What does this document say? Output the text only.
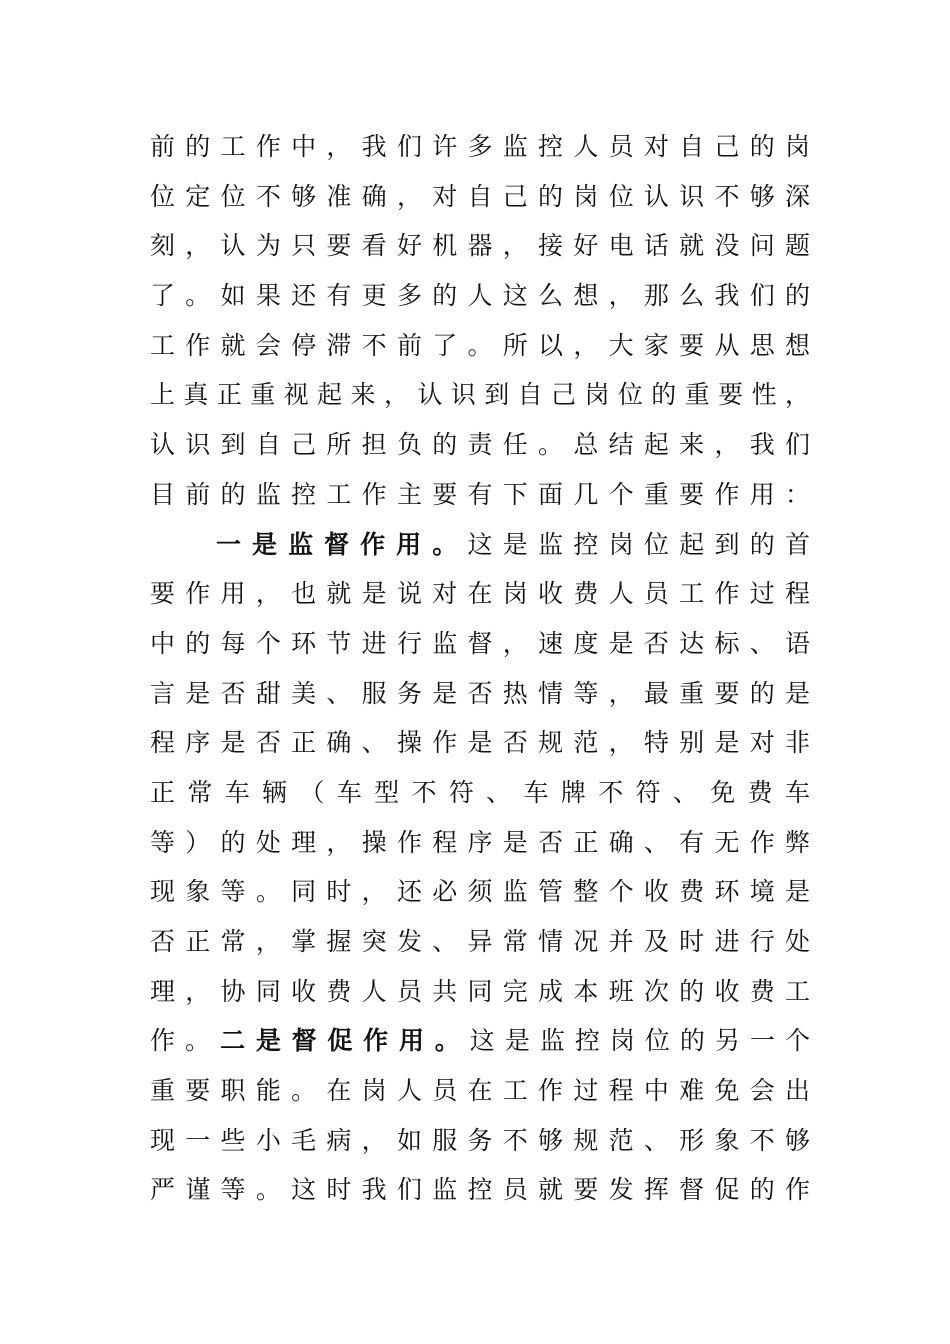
前 的 工 作 中 ， 我 们 许 多 监 控 人 员 对 自 己 的 岗
位 定 位 不 够 准 确 ， 对 自 己 的 岗 位 认 识 不 够 深
刻 ， 认 为 只 要 看 好 机 器 ， 接 好 电 话 就 没 问 题
了 。 如 果 还 有 更 多 的 人 这 么 想 ， 那 么 我 们 的
工 作 就 会 停 滞 不 前 了 。 所 以 ， 大 家 要 从 思 想
上 真 正 重 视 起 来 ， 认 识 到 自 己 岗 位 的 重 要 性 ，
认 识 到 自 己 所 担 负 的 责 任 。 总 结 起 来 ， 我 们
目 前 的 监 控 工 作 主 要 有 下 面 几 个 重 要 作 用 ：
一 是 监 督 作 用 。 这 是 监 控 岗 位 起 到 的 首
要 作 用 ， 也 就 是 说 对 在 岗 收 费 人 员 工 作 过 程
中 的 每 个 环 节 进 行 监 督 ， 速 度 是 否 达 标 、 语
言 是 否 甜 美 、 服 务 是 否 热 情 等 ， 最 重 要 的 是
程 序 是 否 正 确 、 操 作 是 否 规 范 ， 特 别 是 对 非
正 常 车 辆 （ 车 型 不 符 、 车 牌 不 符 、 免 费 车
等 ） 的 处 理 ， 操 作 程 序 是 否 正 确 、 有 无 作 弊
现 象 等 。 同 时 ， 还 必 须 监 管 整 个 收 费 环 境 是
否 正 常 ， 掌 握 突 发 、 异 常 情 况 并 及 时 进 行 处
理 ， 协 同 收 费 人 员 共 同 完 成 本 班 次 的 收 费 工
作 。 二 是 督 促 作 用 。 这 是 监 控 岗 位 的 另 一 个
重 要 职 能 。 在 岗 人 员 在 工 作 过 程 中 难 免 会 出
现 一 些 小 毛 病 ， 如 服 务 不 够 规 范 、 形 象 不 够
严 谨 等 。 这 时 我 们 监 控 员 就 要 发 挥 督 促 的 作
